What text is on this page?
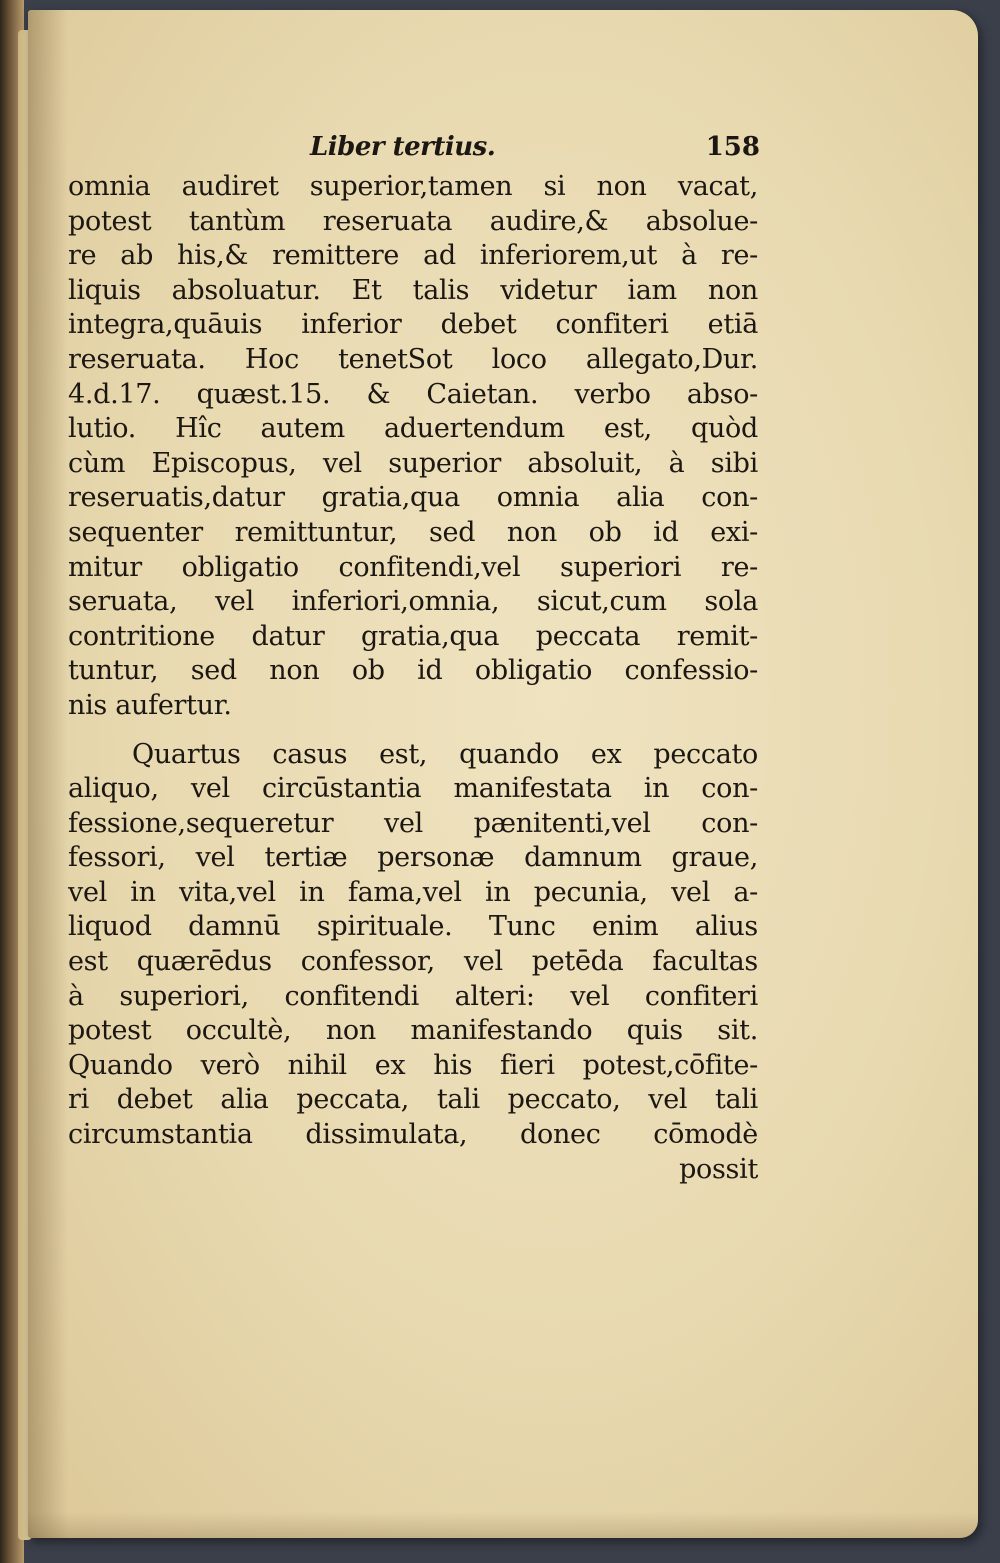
Liber tertius.	158
omnia audiret superior,tamen si non vacat,
potest tantùm reseruata audire,& absolue-
re ab his,& remittere ad inferiorem,ut à re-
liquis absoluatur. Et talis videtur iam non
integra,quāuis inferior debet confiteri etiā
reseruata. Hoc tenetSot loco allegato,Dur.
4.d.17. quæst.15. & Caietan. verbo abso-
lutio. Hîc autem aduertendum est, quòd
cùm Episcopus, vel superior absoluit, à sibi
reseruatis,datur gratia,qua omnia alia con-
sequenter remittuntur, sed non ob id exi-
mitur obligatio confitendi,vel superiori re-
seruata, vel inferiori,omnia, sicut,cum sola
contritione datur gratia,qua peccata remit-
tuntur, sed non ob id obligatio confessio-
nis aufertur.
Quartus casus est, quando ex peccato
aliquo, vel circūstantia manifestata in con-
fessione,sequeretur vel pænitenti,vel con-
fessori, vel tertiæ personæ damnum graue,
vel in vita,vel in fama,vel in pecunia, vel a-
liquod damnū spirituale. Tunc enim alius
est quærēdus confessor, vel petēda facultas
à superiori, confitendi alteri: vel confiteri
potest occultè, non manifestando quis sit.
Quando verò nihil ex his fieri potest,cōfite-
ri debet alia peccata, tali peccato, vel tali
circumstantia dissimulata, donec cōmodè
possit
